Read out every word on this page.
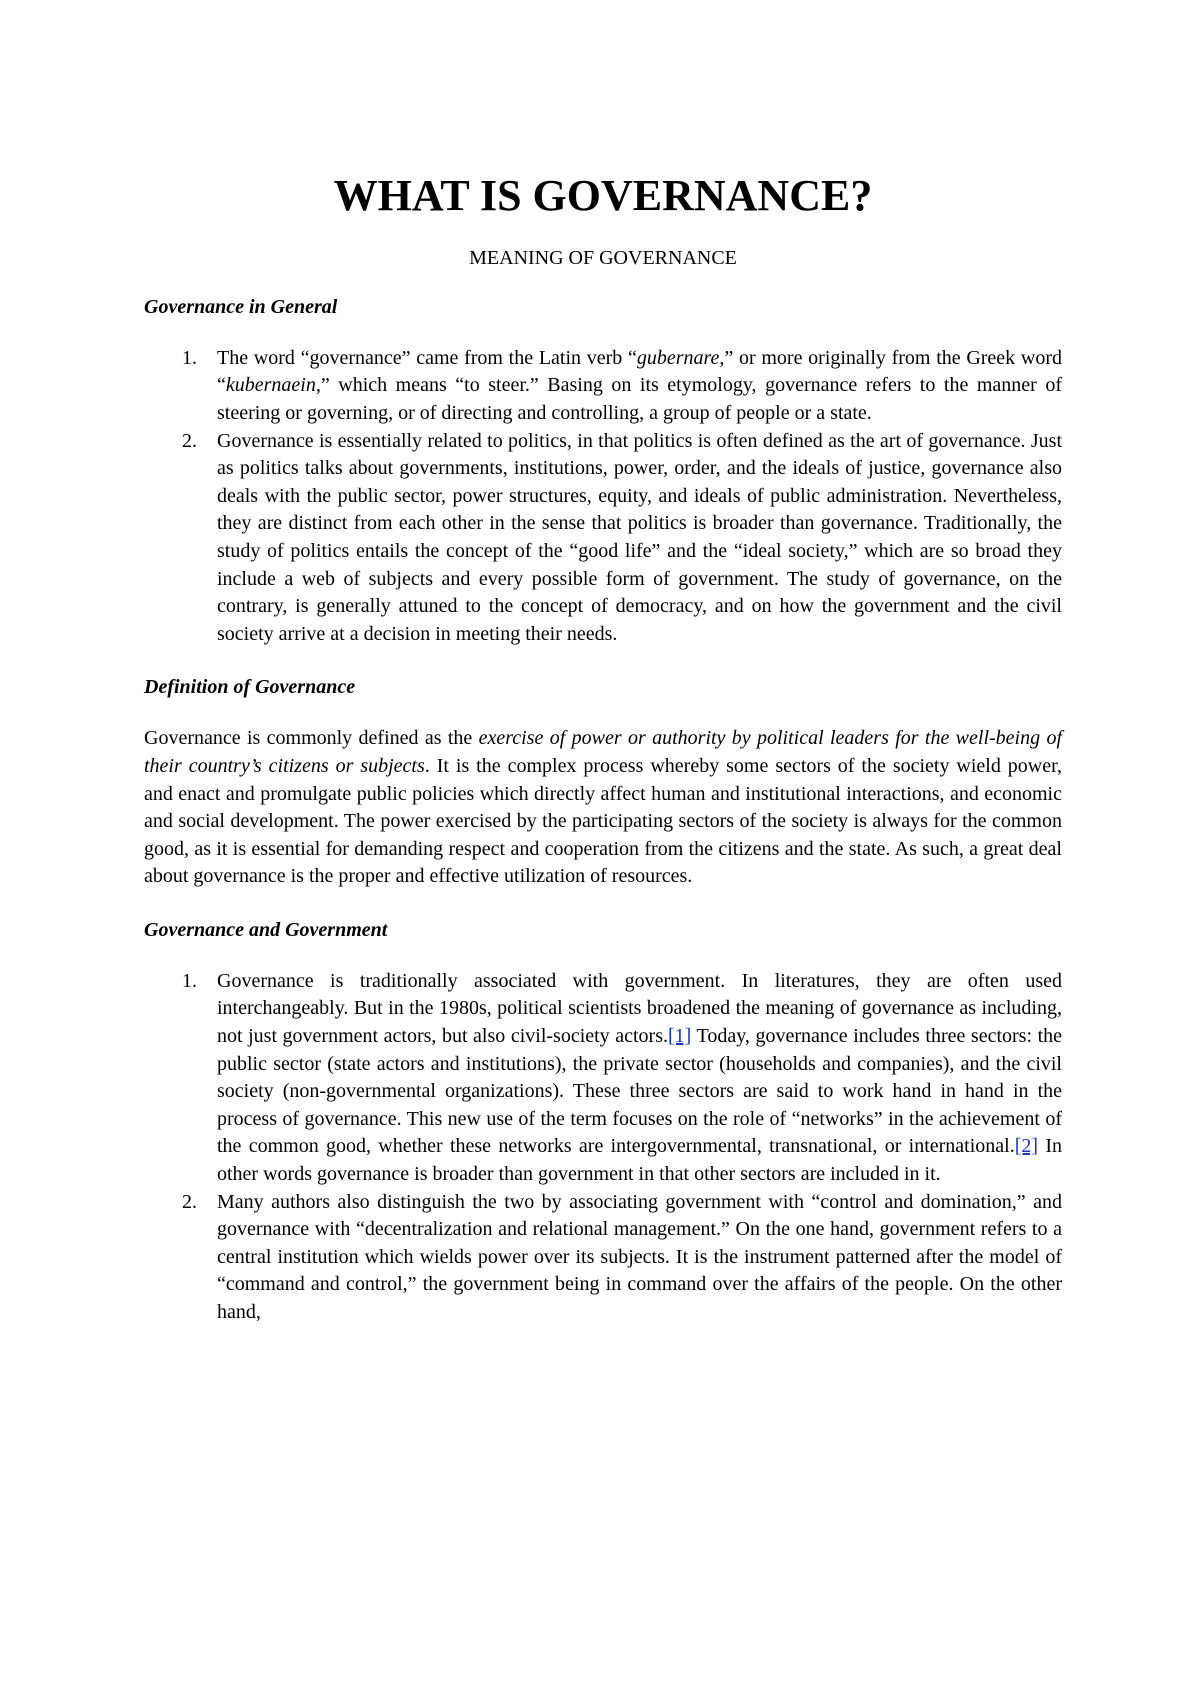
WHAT IS GOVERNANCE?

MEANING OF GOVERNANCE

Governance in General

1. The word “governance” came from the Latin verb “gubernare,” or more originally from the Greek word “kubernaein,” which means “to steer.” Basing on its etymology, governance refers to the manner of steering or governing, or of directing and controlling, a group of people or a state.
2. Governance is essentially related to politics, in that politics is often defined as the art of governance. Just as politics talks about governments, institutions, power, order, and the ideals of justice, governance also deals with the public sector, power structures, equity, and ideals of public administration. Nevertheless, they are distinct from each other in the sense that politics is broader than governance. Traditionally, the study of politics entails the concept of the “good life” and the “ideal society,” which are so broad they include a web of subjects and every possible form of government. The study of governance, on the contrary, is generally attuned to the concept of democracy, and on how the government and the civil society arrive at a decision in meeting their needs.

Definition of Governance

Governance is commonly defined as the exercise of power or authority by political leaders for the well-being of their country’s citizens or subjects. It is the complex process whereby some sectors of the society wield power, and enact and promulgate public policies which directly affect human and institutional interactions, and economic and social development. The power exercised by the participating sectors of the society is always for the common good, as it is essential for demanding respect and cooperation from the citizens and the state. As such, a great deal about governance is the proper and effective utilization of resources.

Governance and Government

1. Governance is traditionally associated with government. In literatures, they are often used interchangeably. But in the 1980s, political scientists broadened the meaning of governance as including, not just government actors, but also civil-society actors.[1] Today, governance includes three sectors: the public sector (state actors and institutions), the private sector (households and companies), and the civil society (non-governmental organizations). These three sectors are said to work hand in hand in the process of governance. This new use of the term focuses on the role of “networks” in the achievement of the common good, whether these networks are intergovernmental, transnational, or international.[2] In other words governance is broader than government in that other sectors are included in it.
2. Many authors also distinguish the two by associating government with “control and domination,” and governance with “decentralization and relational management.” On the one hand, government refers to a central institution which wields power over its subjects. It is the instrument patterned after the model of “command and control,” the government being in command over the affairs of the people. On the other hand,
